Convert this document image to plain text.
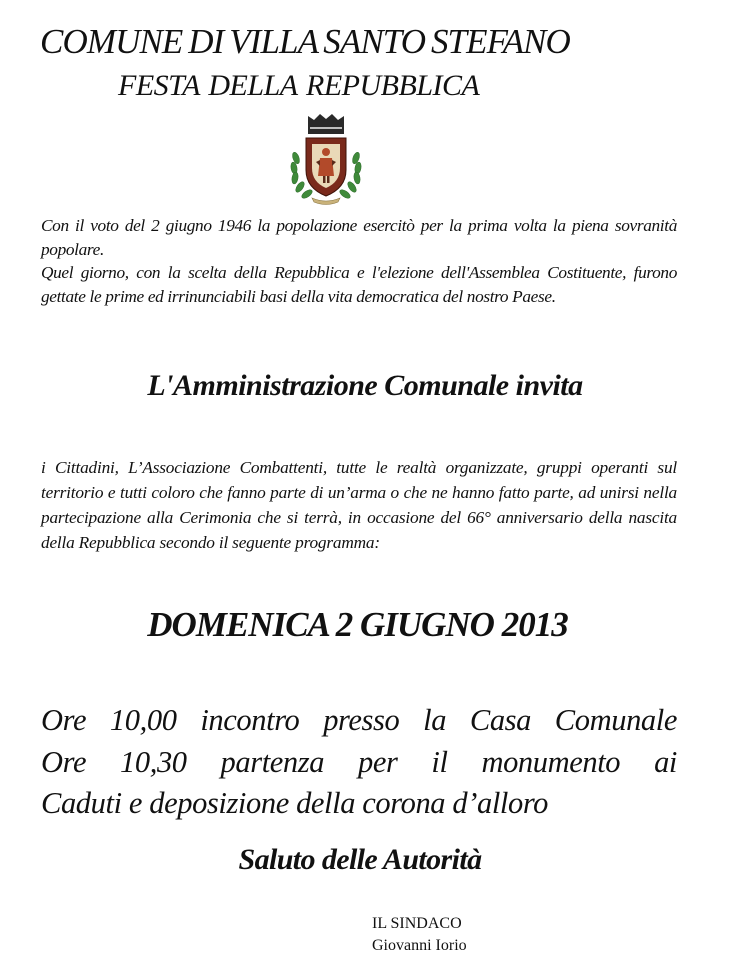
COMUNE DI VILLA SANTO STEFANO
FESTA DELLA REPUBBLICA
Con il voto del 2 giugno 1946 la popolazione esercitò per la prima volta la piena sovranità popolare.
Quel giorno, con la scelta della Repubblica e l'elezione dell'Assemblea Costituente, furono gettate le prime ed irrinunciabili basi della vita democratica del nostro Paese.
L'Amministrazione Comunale invita
i Cittadini, L’Associazione Combattenti, tutte le realtà organizzate, gruppi operanti sul territorio e tutti coloro che fanno parte di un’arma o che ne hanno fatto parte, ad unirsi nella partecipazione alla Cerimonia che si terrà, in occasione del 66° anniversario della nascita della Repubblica secondo il seguente programma:
DOMENICA 2 GIUGNO 2013
Ore 10,00 incontro presso la Casa Comunale
Ore 10,30 partenza per il monumento ai
Caduti e deposizione della corona d’alloro
Saluto delle Autorità
IL SINDACO
Giovanni Iorio
